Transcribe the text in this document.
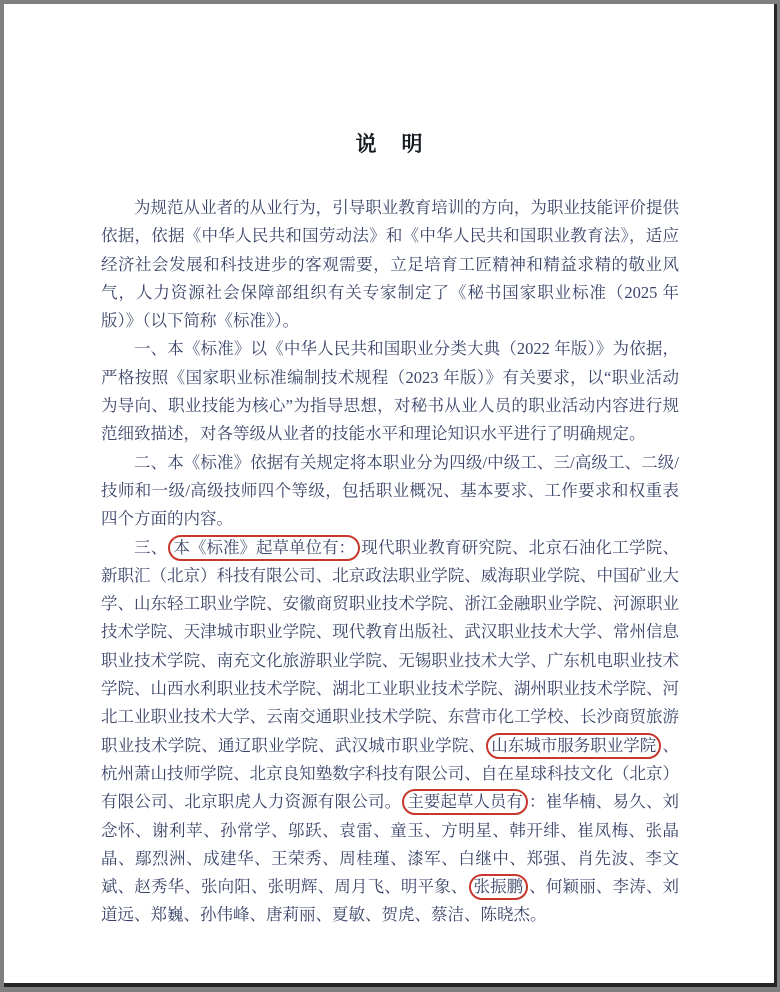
说　明

为规范从业者的从业行为，引导职业教育培训的方向，为职业技能评价提供依据，依据《中华人民共和国劳动法》和《中华人民共和国职业教育法》，适应经济社会发展和科技进步的客观需要，立足培育工匠精神和精益求精的敬业风气，人力资源社会保障部组织有关专家制定了《秘书国家职业标准（2025 年版）》（以下简称《标准》）。

一、本《标准》以《中华人民共和国职业分类大典（2022 年版）》为依据，严格按照《国家职业标准编制技术规程（2023 年版）》有关要求，以“职业活动为导向、职业技能为核心”为指导思想，对秘书从业人员的职业活动内容进行规范细致描述，对各等级从业者的技能水平和理论知识水平进行了明确规定。

二、本《标准》依据有关规定将本职业分为四级/中级工、三/高级工、二级/技师和一级/高级技师四个等级，包括职业概况、基本要求、工作要求和权重表四个方面的内容。

三、 本《标准》起草单位有： 现代职业教育研究院、北京石油化工学院、新职汇（北京）科技有限公司、北京政法职业学院、威海职业学院、中国矿业大学、山东轻工职业学院、安徽商贸职业技术学院、浙江金融职业学院、河源职业技术学院、天津城市职业学院、现代教育出版社、武汉职业技术大学、常州信息职业技术学院、南充文化旅游职业学院、无锡职业技术大学、广东机电职业技术学院、山西水利职业技术学院、湖北工业职业技术学院、湖州职业技术学院、河北工业职业技术大学、云南交通职业技术学院、东营市化工学校、长沙商贸旅游职业技术学院、通辽职业学院、武汉城市职业学院、 山东城市服务职业学院 、杭州萧山技师学院、北京良知塾数字科技有限公司、自在星球科技文化（北京）有限公司、北京职虎人力资源有限公司。 主要起草人员有 ：崔华楠、易久、刘念怀、谢利苹、孙常学、邬跃、袁雷、童玉、方明星、韩开绯、崔凤梅、张晶晶、鄢烈洲、成建华、王荣秀、周桂瑾、漆军、白继中、郑强、肖先波、李文斌、赵秀华、张向阳、张明辉、周月飞、明平象、 张振鹏 、何颖丽、李涛、刘道远、郑巍、孙伟峰、唐莉丽、夏敏、贺虎、蔡洁、陈晓杰。
